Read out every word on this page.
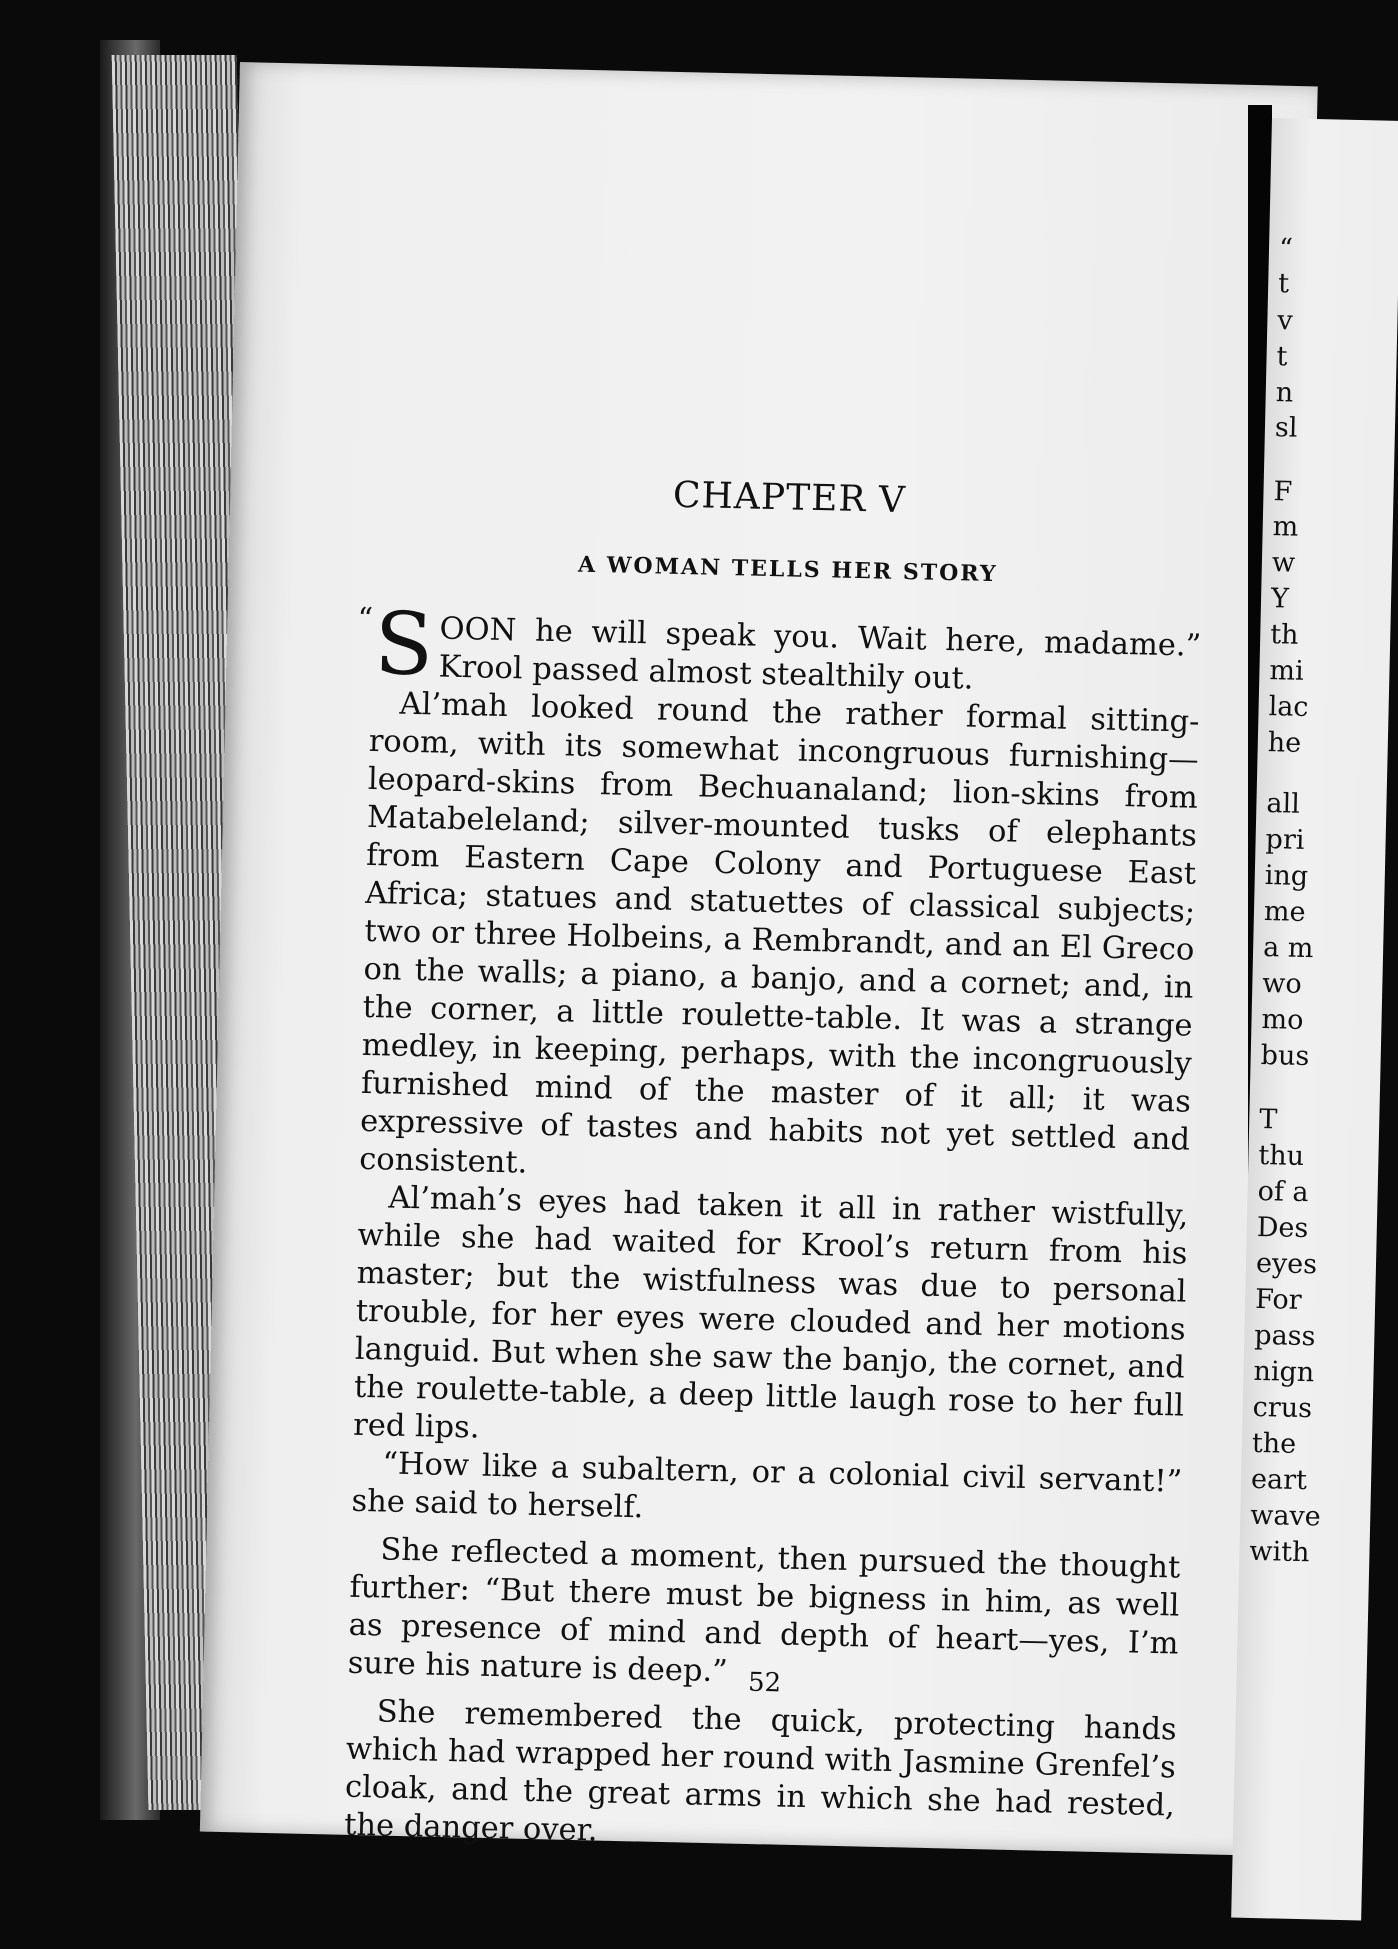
“
t
v
t
n
sl
F
m
w
Y
th
mi
lac
he
all
pri
ing
me
a m
wo
mo
bus
T
thu
of a
Des
eyes
For
pass
nign
crus
the
eart
wave
with
CHAPTER V
A WOMAN TELLS HER STORY

“ S OON he will speak you. Wait here, madame.” Krool passed almost stealthily out.

Al’mah looked round the rather formal sitting-room, with its somewhat incongruous furnishing—leopard-skins from Bechuanaland; lion-skins from Matabeleland; silver-mounted tusks of elephants from Eastern Cape Colony and Portuguese East Africa; statues and statuettes of classical subjects; two or three Holbeins, a Rembrandt, and an El Greco on the walls; a piano, a banjo, and a cornet; and, in the corner, a little roulette-table. It was a strange medley, in keeping, perhaps, with the incongruously furnished mind of the master of it all; it was expressive of tastes and habits not yet settled and consistent.

Al’mah’s eyes had taken it all in rather wistfully, while she had waited for Krool’s return from his master; but the wistfulness was due to personal trouble, for her eyes were clouded and her motions languid. But when she saw the banjo, the cornet, and the roulette-table, a deep little laugh rose to her full red lips.

“How like a subaltern, or a colonial civil servant!” she said to herself.

She reflected a moment, then pursued the thought further: “But there must be bigness in him, as well as presence of mind and depth of heart—yes, I’m sure his nature is deep.”

She remembered the quick, protecting hands which had wrapped her round with Jasmine Grenfel’s cloak, and the great arms in which she had rested, the danger over.

52
